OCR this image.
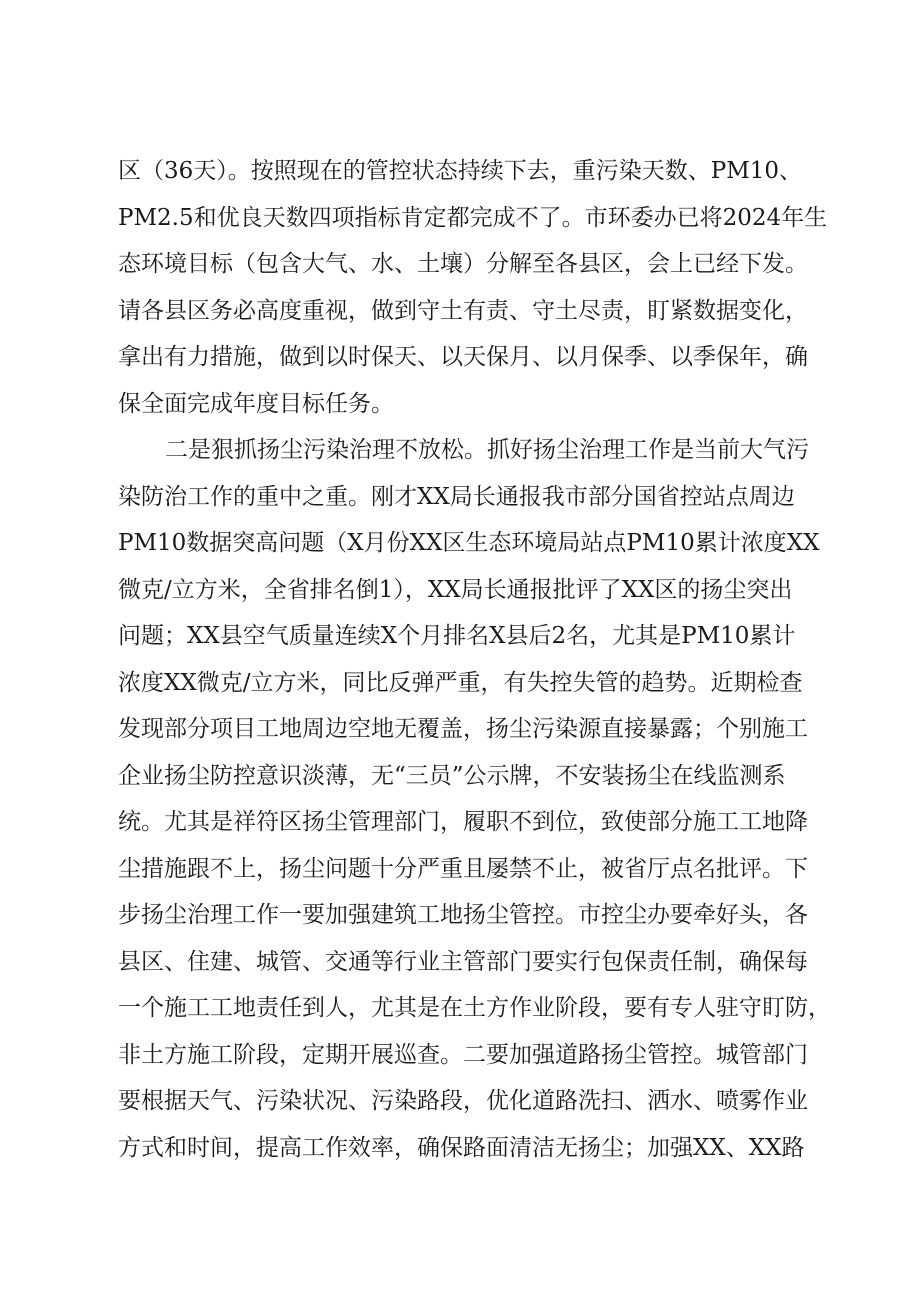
区（36天）。按照现在的管控状态持续下去，重污染天数、PM10、
PM2.5和优良天数四项指标肯定都完成不了。市环委办已将2024年生
态环境目标（包含大气、水、土壤）分解至各县区，会上已经下发。
请各县区务必高度重视，做到守土有责、守土尽责，盯紧数据变化，
拿出有力措施，做到以时保天、以天保月、以月保季、以季保年，确
保全面完成年度目标任务。
二是狠抓扬尘污染治理不放松。抓好扬尘治理工作是当前大气污
染防治工作的重中之重。刚才XX局长通报我市部分国省控站点周边
PM10数据突高问题（X月份XX区生态环境局站点PM10累计浓度XX
微克/立方米，全省排名倒1），XX局长通报批评了XX区的扬尘突出
问题；XX县空气质量连续X个月排名X县后2名，尤其是PM10累计
浓度XX微克/立方米，同比反弹严重，有失控失管的趋势。近期检查
发现部分项目工地周边空地无覆盖，扬尘污染源直接暴露；个别施工
企业扬尘防控意识淡薄，无“三员”公示牌，不安装扬尘在线监测系
统。尤其是祥符区扬尘管理部门，履职不到位，致使部分施工工地降
尘措施跟不上，扬尘问题十分严重且屡禁不止，被省厅点名批评。下
步扬尘治理工作一要加强建筑工地扬尘管控。市控尘办要牵好头，各
县区、住建、城管、交通等行业主管部门要实行包保责任制，确保每
一个施工工地责任到人，尤其是在土方作业阶段，要有专人驻守盯防，
非土方施工阶段，定期开展巡查。二要加强道路扬尘管控。城管部门
要根据天气、污染状况、污染路段，优化道路洗扫、洒水、喷雾作业
方式和时间，提高工作效率，确保路面清洁无扬尘；加强XX、XX路
